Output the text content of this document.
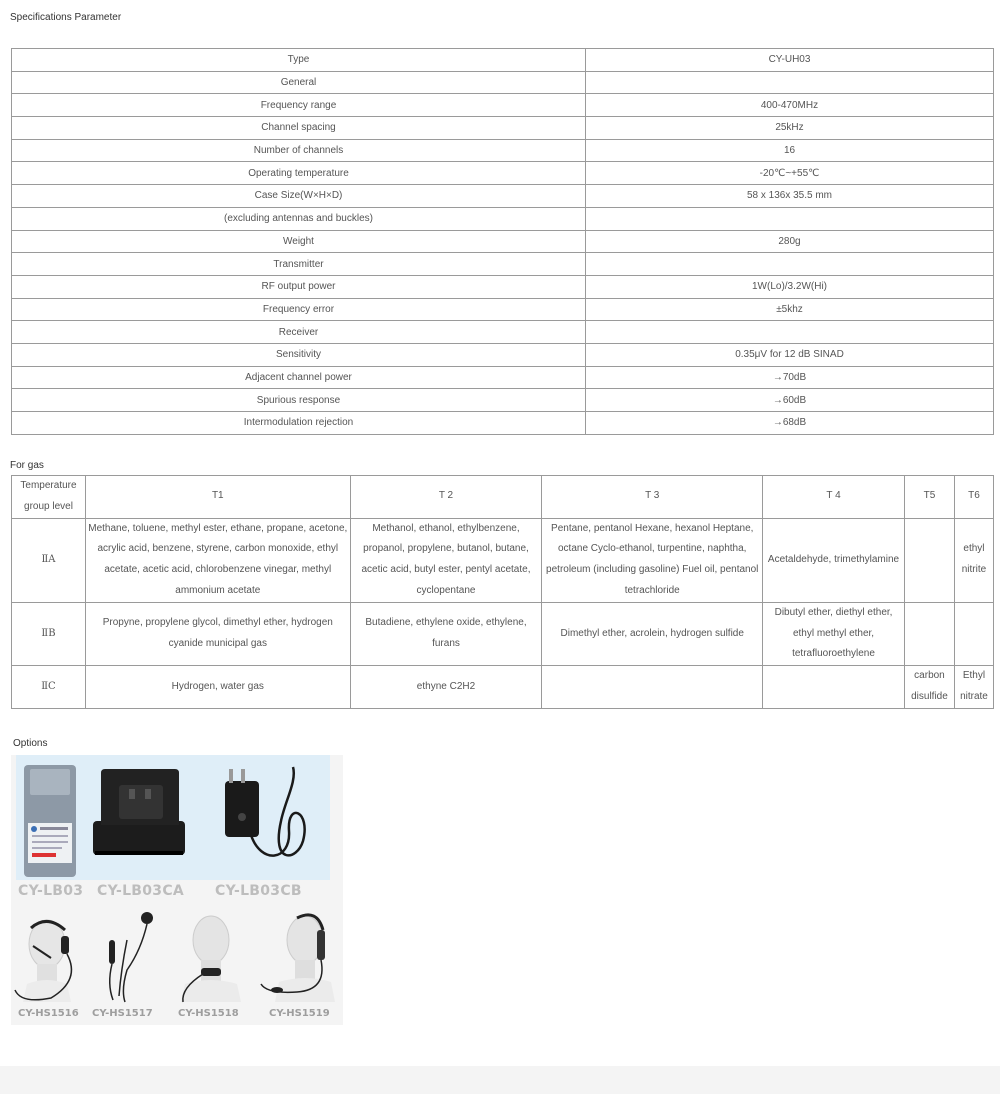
Specifications Parameter
Type	CY-UH03
General	
Frequency range	400-470MHz
Channel spacing	25kHz
Number of channels	16
Operating temperature	-20℃~+55℃
Case Size(W×H×D)	58 x 136x 35.5 mm
(excluding antennas and buckles)	
Weight	280g
Transmitter	
RF output power	1W(Lo)/3.2W(Hi)
Frequency error	±5khz
Receiver	
Sensitivity	0.35μV for 12 dB SINAD
Adjacent channel power	→70dB
Spurious response	→60dB
Intermodulation rejection	→68dB
For gas
Temperature group level	T1	T 2	T 3	T 4	T5	T6
ⅡA	Methane, toluene, methyl ester, ethane, propane, acetone, acrylic acid, benzene, styrene, carbon monoxide, ethyl acetate, acetic acid, chlorobenzene vinegar, methyl ammonium acetate	Methanol, ethanol, ethylbenzene, propanol, propylene, butanol, butane, acetic acid, butyl ester, pentyl acetate, cyclopentane	Pentane, pentanol Hexane, hexanol Heptane, octane Cyclo-ethanol, turpentine, naphtha, petroleum (including gasoline) Fuel oil, pentanol tetrachloride	Acetaldehyde, trimethylamine		ethyl nitrite
ⅡB	Propyne, propylene glycol, dimethyl ether, hydrogen cyanide municipal gas	Butadiene, ethylene oxide, ethylene, furans	Dimethyl ether, acrolein, hydrogen sulfide	Dibutyl ether, diethyl ether, ethyl methyl ether, tetrafluoroethylene		
ⅡC	Hydrogen, water gas	ethyne C2H2			carbon disulfide	Ethyl nitrate
Options
CY-LB03 CY-LB03CA CY-LB03CB
CY-HS1516 CY-HS1517	CY-HS1518	CY-HS1519
